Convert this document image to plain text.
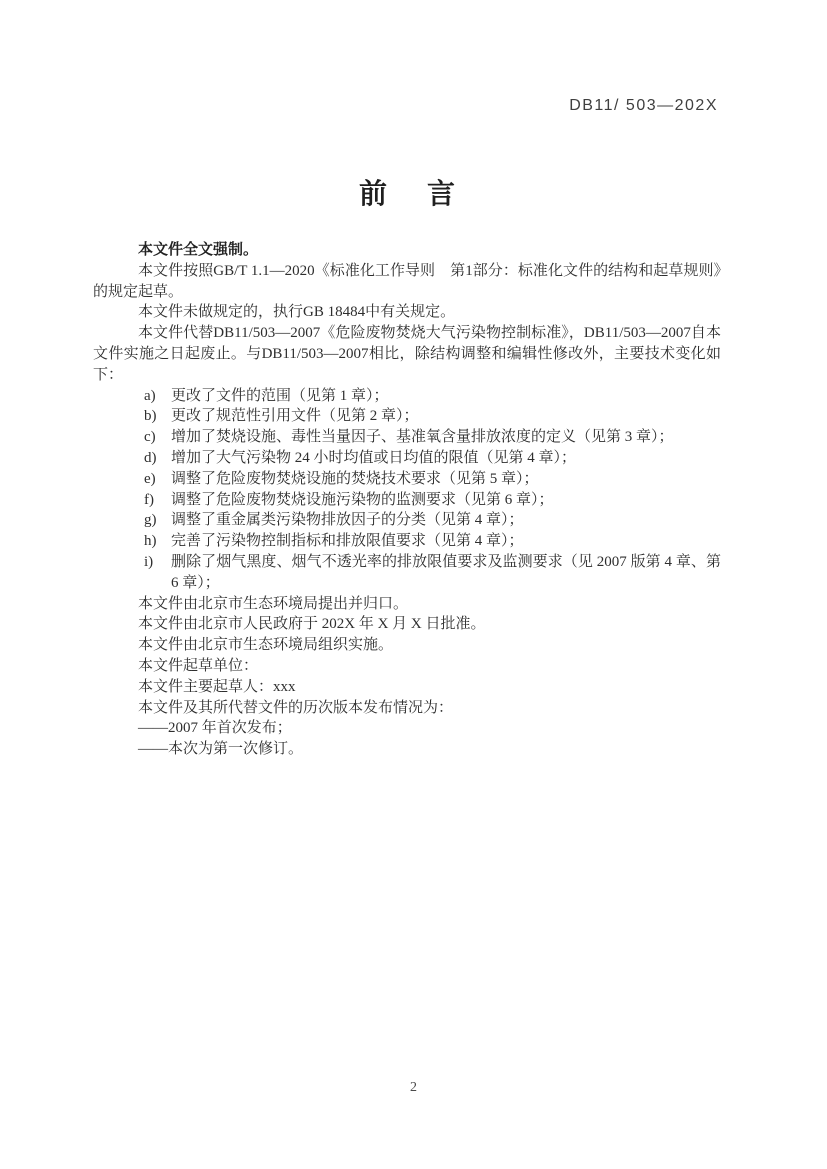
DB11/ 503—202X
前　言

本文件全文强制。

本文件按照GB/T 1.1—2020《标准化工作导则　第1部分：标准化文件的结构和起草规则》的规定起草。

本文件未做规定的，执行GB 18484中有关规定。

本文件代替DB11/503—2007《危险废物焚烧大气污染物控制标准》，DB11/503—2007自本文件实施之日起废止。与DB11/503—2007相比，除结构调整和编辑性修改外，主要技术变化如下：

a)	更改了文件的范围（见第 1 章）；
b) 更改了规范性引用文件（见第 2 章）；
c)	增加了焚烧设施、毒性当量因子、基准氧含量排放浓度的定义（见第 3 章）；
d) 增加了大气污染物 24 小时均值或日均值的限值（见第 4 章）；
e)	调整了危险废物焚烧设施的焚烧技术要求（见第 5 章）；
f)	调整了危险废物焚烧设施污染物的监测要求（见第 6 章）；
g) 调整了重金属类污染物排放因子的分类（见第 4 章）；
h) 完善了污染物控制指标和排放限值要求（见第 4 章）；
i)	删除了烟气黑度、烟气不透光率的排放限值要求及监测要求（见 2007 版第 4 章、第 6 章）；

本文件由北京市生态环境局提出并归口。

本文件由北京市人民政府于 202X 年 X 月 X 日批准。

本文件由北京市生态环境局组织实施。

本文件起草单位：

本文件主要起草人：xxx

本文件及其所代替文件的历次版本发布情况为：

——2007 年首次发布；

——本次为第一次修订。

2
